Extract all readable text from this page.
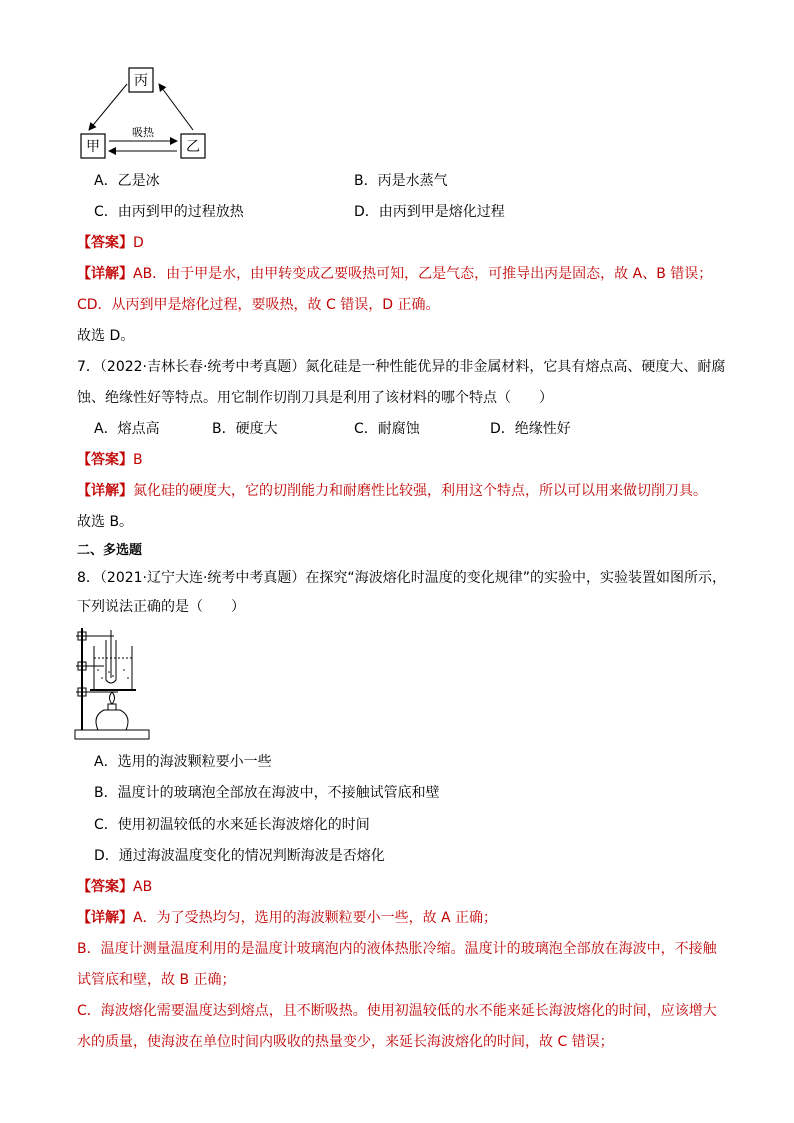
丙
甲	乙
吸热
A．乙是冰	B．丙是水蒸气
C．由丙到甲的过程放热	D．由丙到甲是熔化过程
【答案】D
【详解】AB．由于甲是水，由甲转变成乙要吸热可知，乙是气态，可推导出丙是固态，故 A、B 错误；
CD．从丙到甲是熔化过程，要吸热，故 C 错误，D 正确。
故选 D。
7．（2022·吉林长春·统考中考真题）氮化硅是一种性能优异的非金属材料，它具有熔点高、硬度大、耐腐
蚀、绝缘性好等特点。用它制作切削刀具是利用了该材料的哪个特点（　　）
A．熔点高	B．硬度大	C．耐腐蚀	D．绝缘性好
【答案】B
【详解】氮化硅的硬度大，它的切削能力和耐磨性比较强，利用这个特点，所以可以用来做切削刀具。
故选 B。
二、多选题
8．（2021·辽宁大连·统考中考真题）在探究“海波熔化时温度的变化规律”的实验中，实验装置如图所示，
下列说法正确的是（　　）
A．选用的海波颗粒要小一些
B．温度计的玻璃泡全部放在海波中，不接触试管底和壁
C．使用初温较低的水来延长海波熔化的时间
D．通过海波温度变化的情况判断海波是否熔化
【答案】AB
【详解】A．为了受热均匀，选用的海波颗粒要小一些，故 A 正确；
B．温度计测量温度利用的是温度计玻璃泡内的液体热胀冷缩。温度计的玻璃泡全部放在海波中，不接触
试管底和壁，故 B 正确；
C．海波熔化需要温度达到熔点，且不断吸热。使用初温较低的水不能来延长海波熔化的时间，应该增大
水的质量，使海波在单位时间内吸收的热量变少，来延长海波熔化的时间，故 C 错误；
